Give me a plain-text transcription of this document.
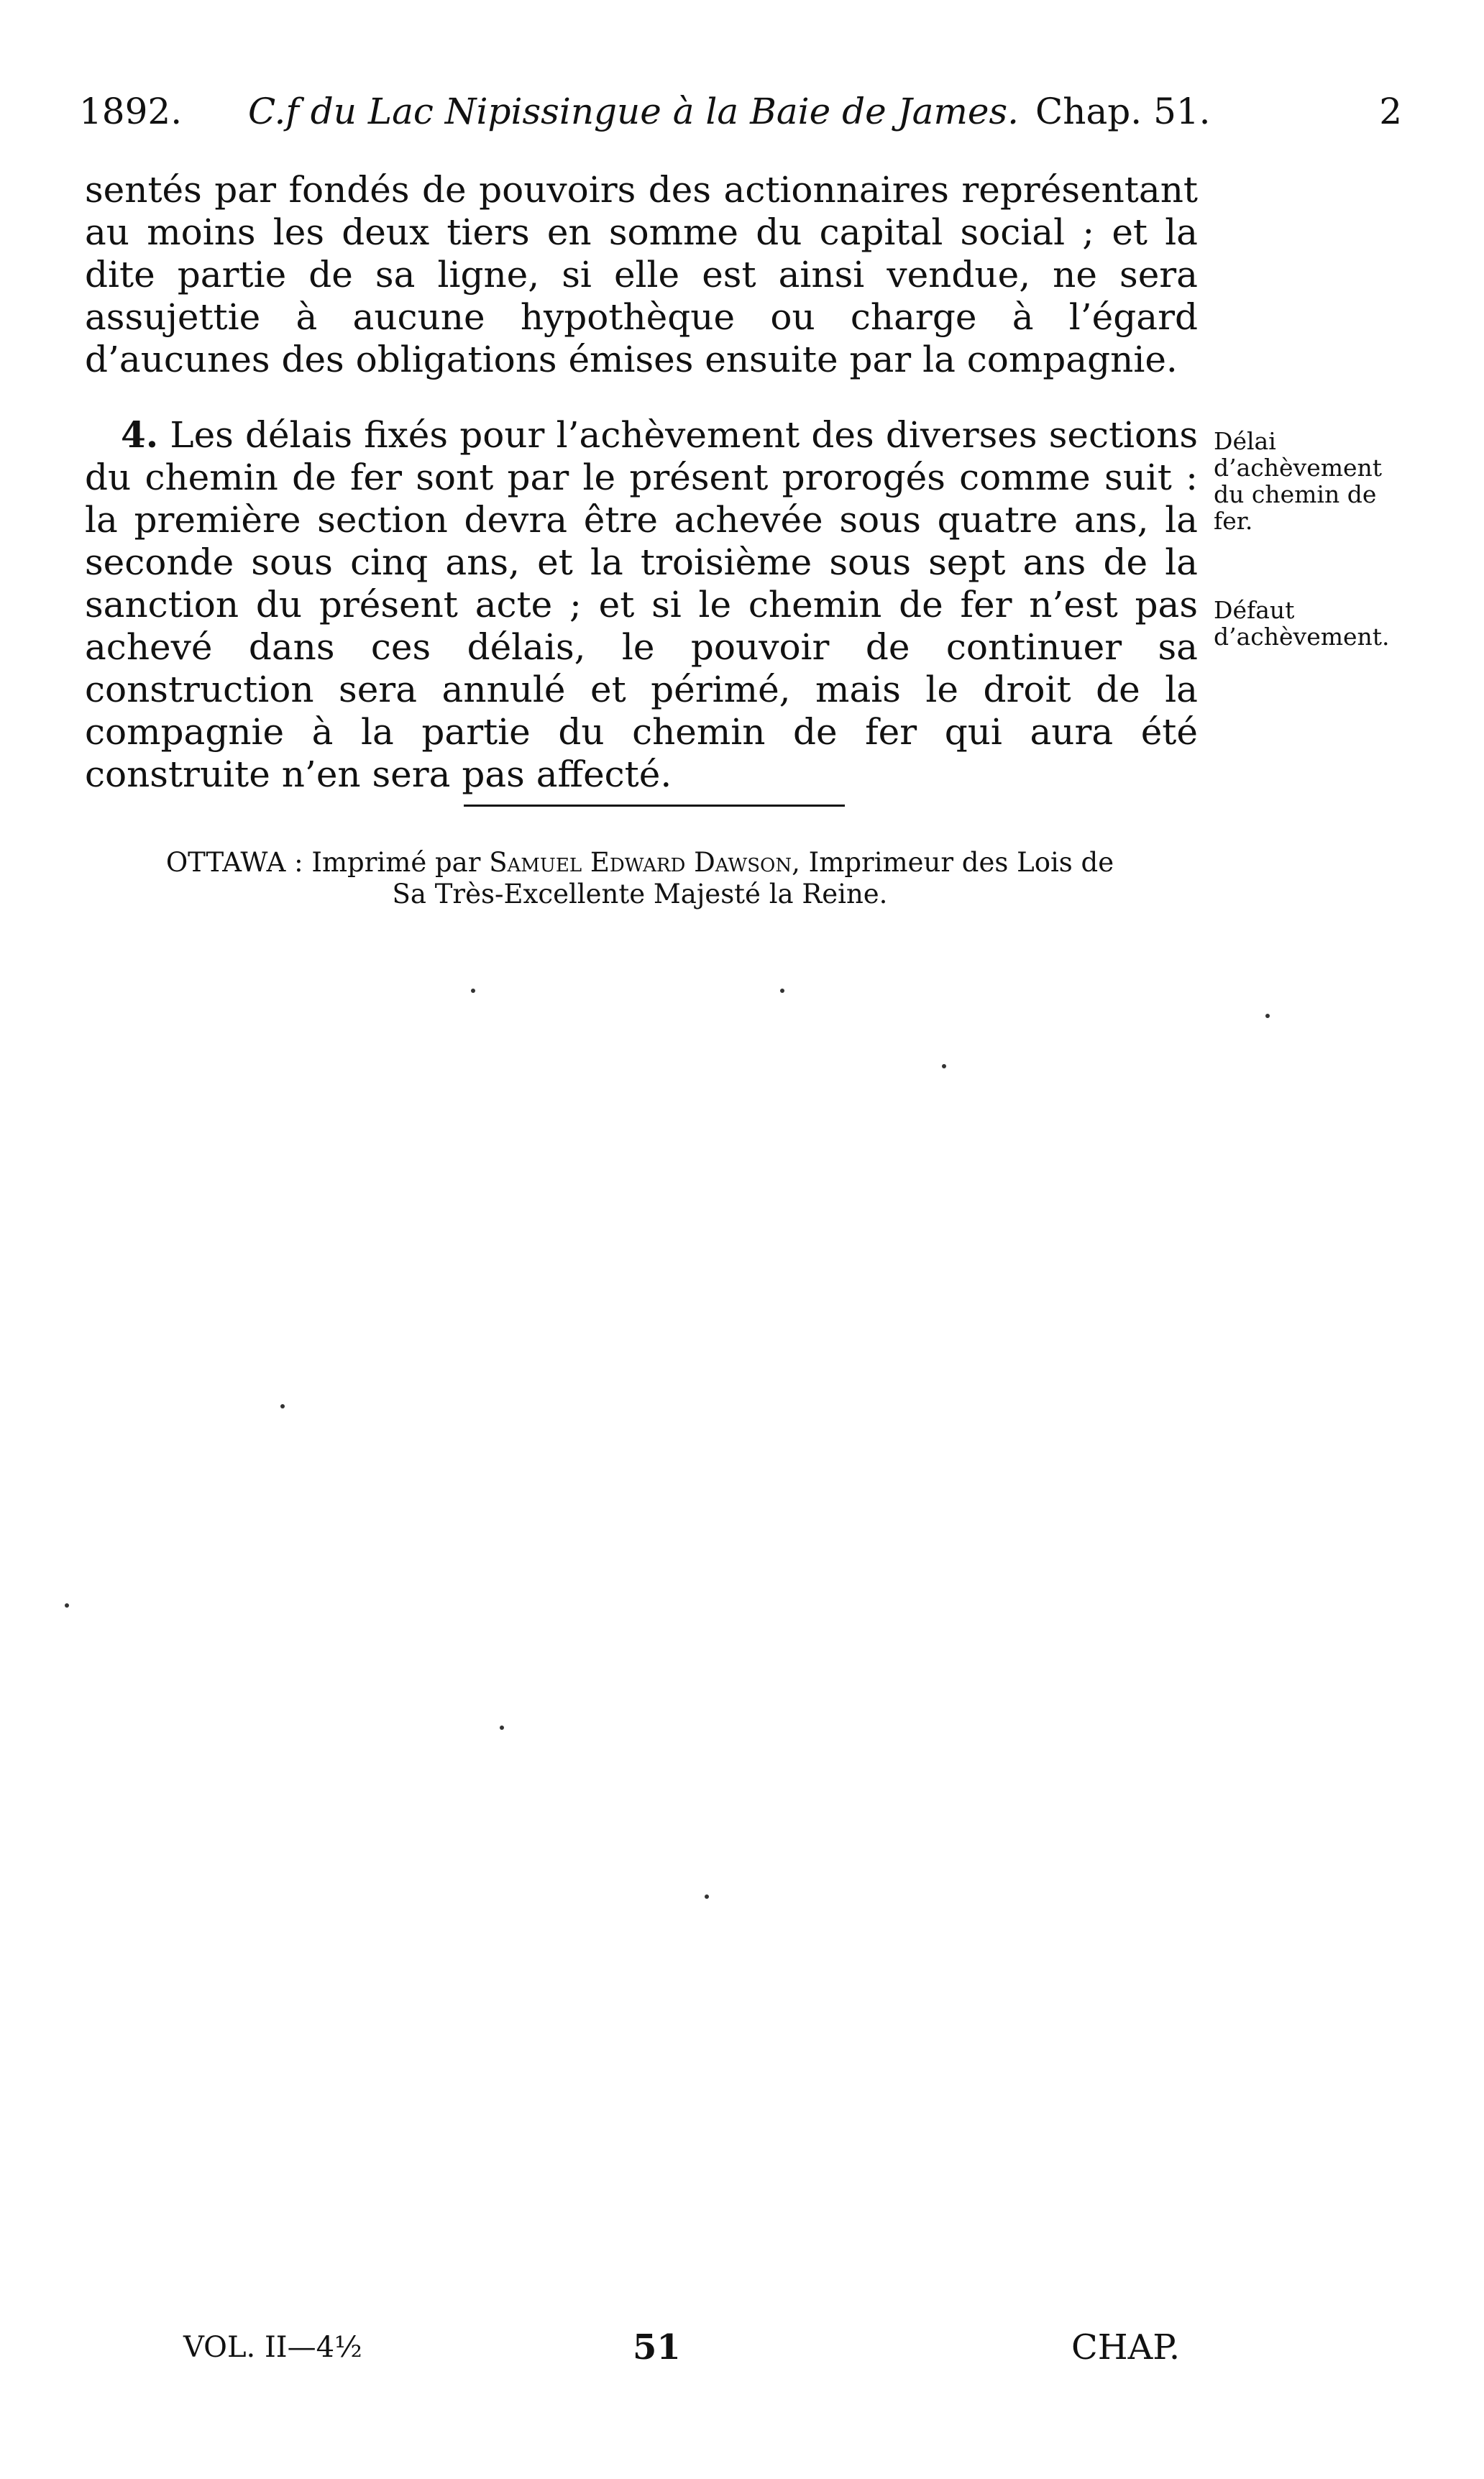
1892. C.f du Lac Nipissingue à la Baie de James. Chap. 51.	2

sentés par fondés de pouvoirs des actionnaires représentant au moins les deux tiers en somme du capital social ; et la dite partie de sa ligne, si elle est ainsi vendue, ne sera assujettie à aucune hypothèque ou charge à l’égard d’aucunes des obligations émises ensuite par la compagnie.

4. Les délais fixés pour l’achèvement des diverses sections du chemin de fer sont par le présent prorogés comme suit : la première section devra être achevée sous quatre ans, la seconde sous cinq ans, et la troisième sous sept ans de la sanction du présent acte ; et si le chemin de fer n’est pas achevé dans ces délais, le pouvoir de continuer sa construction sera annulé et périmé, mais le droit de la compagnie à la partie du chemin de fer qui aura été construite n’en sera pas affecté.

Délai d’achèvement du chemin de fer.
Défaut d’achèvement.
OTTAWA : Imprimé par Samuel Edward Dawson, Imprimeur des Lois de
Sa Très-Excellente Majesté la Reine.
VOL. II—4½	51	CHAP.
